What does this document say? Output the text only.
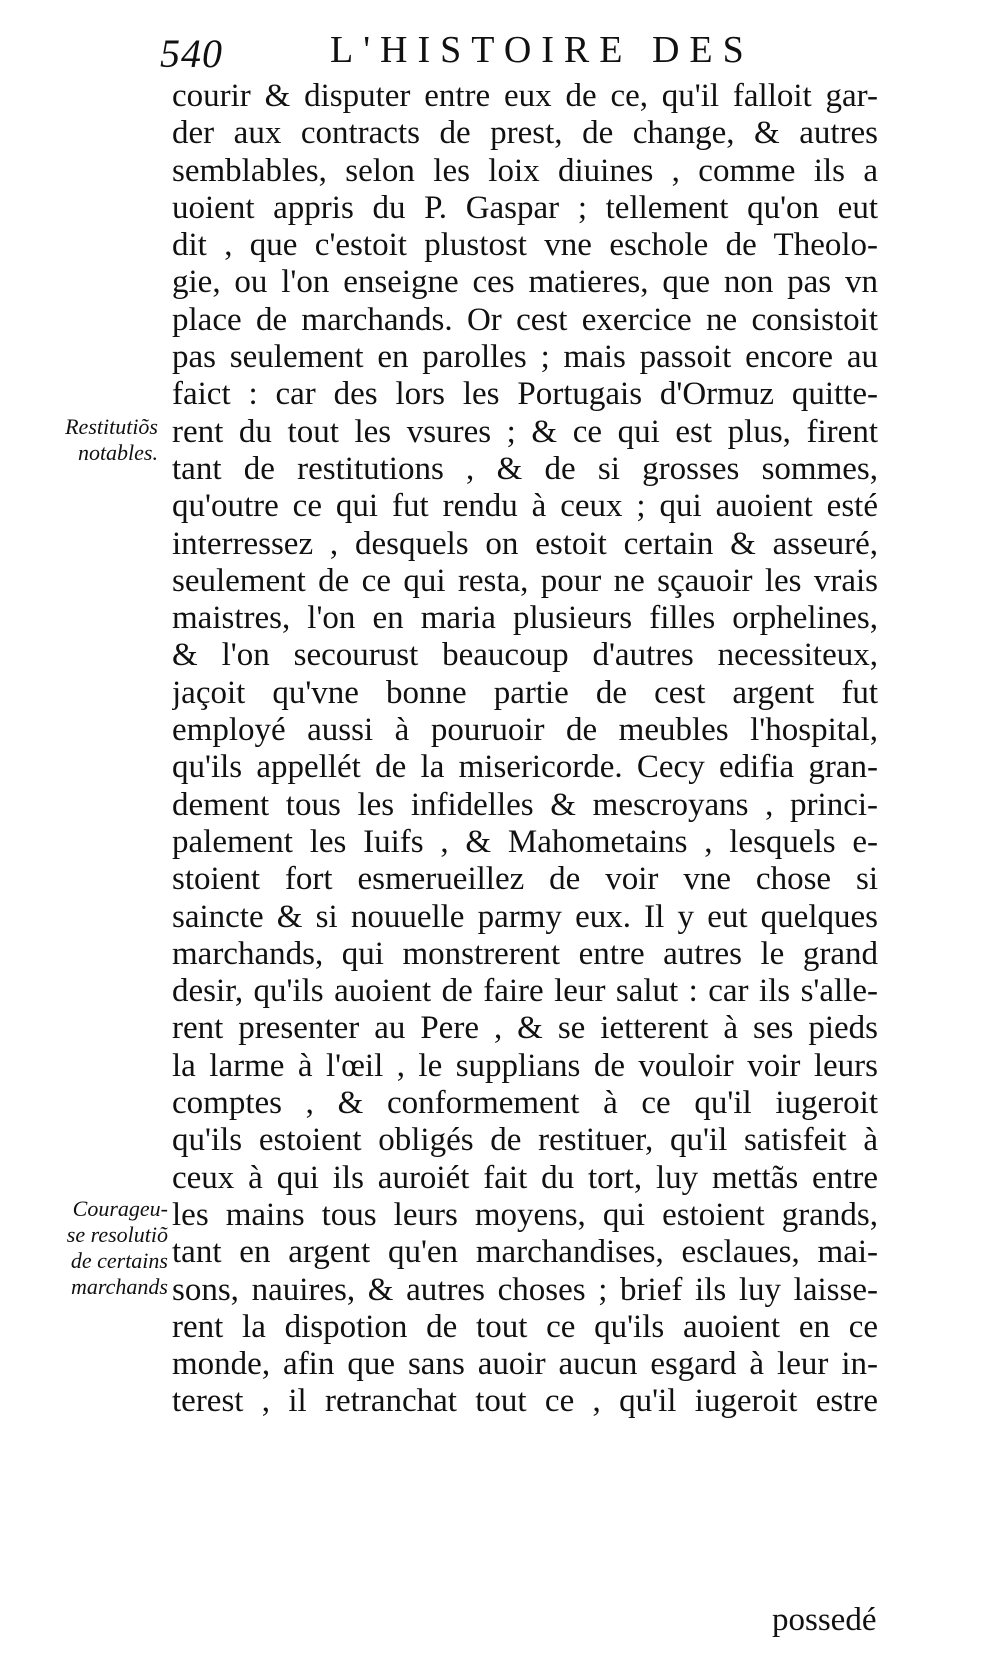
540	L'HISTOIRE DES
courir & disputer entre eux de ce, qu'il falloit gar-
der aux contracts de prest, de change, & autres
semblables, selon les loix diuines , comme ils a
uoient appris du P. Gaspar ; tellement qu'on eut
dit , que c'estoit plustost vne eschole de Theolo-
gie, ou l'on enseigne ces matieres, que non pas vn
place de marchands. Or cest exercice ne consistoit
pas seulement en parolles ; mais passoit encore au
faict : car des lors les Portugais d'Ormuz quitte-
rent du tout les vsures ; & ce qui est plus, firent
tant de restitutions , & de si grosses sommes,
qu'outre ce qui fut rendu à ceux ; qui auoient esté
interressez , desquels on estoit certain & asseuré,
seulement de ce qui resta, pour ne sçauoir les vrais
maistres, l'on en maria plusieurs filles orphelines,
& l'on secourust beaucoup d'autres necessiteux,
jaçoit qu'vne bonne partie de cest argent fut
employé aussi à pouruoir de meubles l'hospital,
qu'ils appellét de la misericorde. Cecy edifia gran-
dement tous les infidelles & mescroyans , princi-
palement les Iuifs , & Mahometains , lesquels e-
stoient fort esmerueillez de voir vne chose si
saincte & si nouuelle parmy eux. Il y eut quelques
marchands, qui monstrerent entre autres le grand
desir, qu'ils auoient de faire leur salut : car ils s'alle-
rent presenter au Pere , & se ietterent à ses pieds
la larme à l'œil , le supplians de vouloir voir leurs
comptes , & conformement à ce qu'il iugeroit
qu'ils estoient obligés de restituer, qu'il satisfeit à
ceux à qui ils auroiét fait du tort, luy mettãs entre
les mains tous leurs moyens, qui estoient grands,
tant en argent qu'en marchandises, esclaues, mai-
sons, nauires, & autres choses ; brief ils luy laisse-
rent la dispotion de tout ce qu'ils auoient en ce
monde, afin que sans auoir aucun esgard à leur in-
terest , il retranchat tout ce , qu'il iugeroit estre
Restitutiõs
notables.
Courageu-
se resolutiõ
de certains
marchands
possedé
